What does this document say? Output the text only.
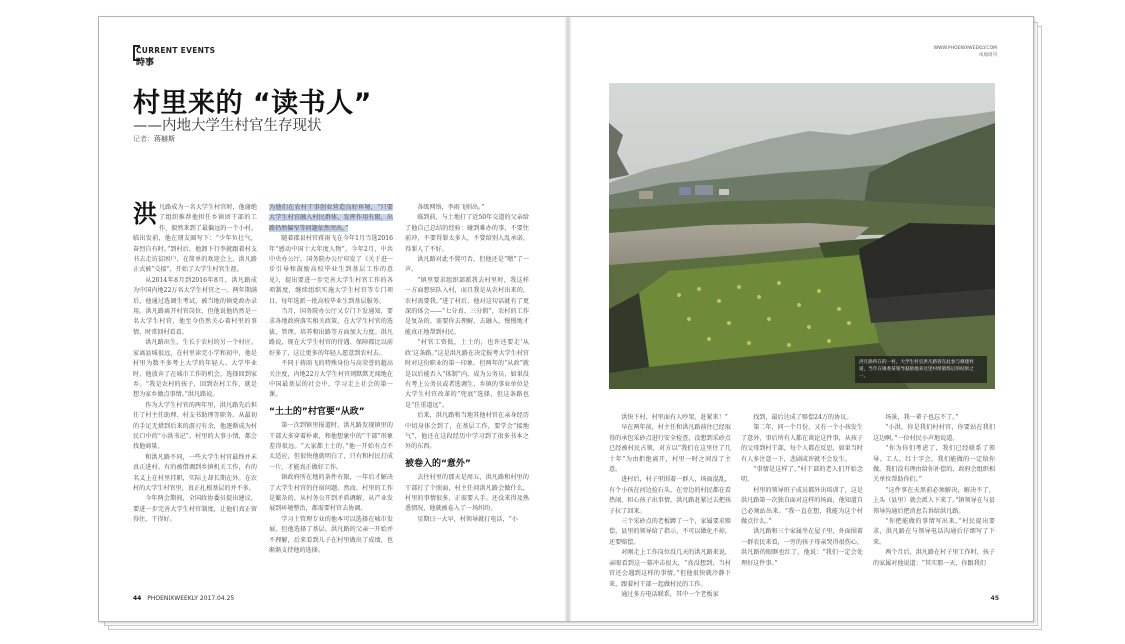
CURRENT EVENTS
時事
村里来的 “读书人”
——内地大学生村官生存现状
记者：蒋赫斯

洪凡路成为一名大学生村官时，他谢绝了组织推荐他担任乡镇团干部的工作，毅然来到了最偏远的一个小村。临出发前，他在朋友圈写下：“少年负壮气，奋烈自有时。”到村后，他卸下行李就跟着村支书去走访贫困户，在简单的欢迎会上，洪凡路正式被“交接”，开始了大学生村官生涯。

从2014年8月到2016年8月，洪凡路成为中国内地22万名大学生村官之一。两年期满后，他通过选调生考试，被当地的镇党政办录用。洪凡路离开村官岗位，但他说他仍然是一名大学生村官，他至今仍然关心着村里的事情，时常回村看看。

洪凡路出生、生长于农村的另一个村庄。家离县城很远，在村里读完小学和初中，他是村里为数不多考上大学的年轻人。大学毕业时，他放弃了在城市工作的机会，选择回到家乡。“我是农村的孩子，回到农村工作，就是想为家乡做点事情。”洪凡路说。

作为大学生村官的两年里，洪凡路先后担任了村主任助理、村支书助理等职务。从最初的手足无措到后来的游刃有余，他逐渐成为村民口中的“小洪书记”。村里的大事小情，都会找他商量。

和洪凡路不同，一些大学生村官最终并未真正进村。有的被借调到乡镇机关工作，有的名义上在村里挂职，实际上却长期在外。在农村的大学生村官里，真正扎根基层的并不多。

今年两会期间，全国政协委员提出建议，要进一步完善大学生村官制度，让他们真正留得住、干得好。

为他们在农村干事创业营造良好环境，“只要大学生村官融入村民群体，发挥作用有限，出路仍然偏窄等问题依然突出。”

随着郡县村官蒋雨飞在今年1月当选2016年“感动中国十大年度人物”，今年2月，中共中央办公厅、国务院办公厅印发了《关于进一步引导和鼓励高校毕业生到基层工作的意见》，提出要进一步完善大学生村官工作的各项制度，继续组织实施大学生村官等专门项目，每年选派一批高校毕业生到基层服务。

当月，国务院办公厅又专门下发通知，要求各地政府落实相关政策，在大学生村官的选拔、管理、培养和出路等方面加大力度。洪凡路说，现在大学生村官的待遇、保障都比以前好多了，这让更多的年轻人愿意到农村去。

不同于蒋雨飞的特殊身份与高荣誉的超高关注度，内地22万大学生村官则默默无闻地在中国最基层的社会中，学习走上社会的第一课。

“土土的”村官要“从政”

第一次到镇里报道时，洪凡路发现镇里的干部大多穿着朴素，和他想象中的“干部”形象差得很远。“大家都土土的，”他一开始有点不太适应，但很快他就明白了，只有和村民打成一片，才能真正做好工作。

镇政府所在地的条件有限，一年后才解决了大学生村官的住宿问题。然而，村里的工作是繁杂的，从村务公开到矛盾调解，从产业发展到环境整治，都需要村官去协调。

学习土管理专业的他本可以选择在城市发展，但他选择了基层。洪凡路的父亲一开始并不理解，后来看到儿子在村里做出了成绩，也渐渐支持他的选择。

各级网络，李雨飞则出。”

临到前，与土地打了近50年交道的父亲给了他自己总结的经验：碰到难办的事，不要往前冲，不要得罪太多人，不要给别人乱承诺，得罪人了不好。

洪凡路对此不置可否，但他还是“嗯”了一声。

“镇里要求组织部派我去村里时，我这样一方面想驻队入村，而且我是从农村出来的，农村需要我。”进了村后，他对这句话就有了更深的体会——“七分真、三分假”，农村的工作是复杂的，需要你去理解、去融入，慢慢地才能真正地帮到村民。

“村官工资低，土土的，也许还要走‘从政’这条路。”这是洪凡路在决定报考大学生村官时对这份职业的第一印象。但两年的“从政”就是以后能否入“体制”内，成为公务员，如果没有考上公务员或者选调生，乡镇的事业单位是大学生村官改革的“兜底”选择，但这条路也是“任重道远”。

后来，洪凡路和当地其他村官在亲身经历中切身体会到了，在基层工作，要学会“接地气”，他还在这段经历中学习到了很多书本之外的东西。

被卷入的“意外”

去往村里的那天是周五，洪凡路和村里的干部打了个照面，村主任问洪凡路会做什么，村里的事情很多，正需要人手。还没来得及熟悉情况，他就被卷入了一场纠纷。

星期日一大早，村领导就打电话，“小

44 PHOENIXWEEKLY 2017.04.25
WWW.PHOENIXWEEKLY.COM
凤凰周刊
洪凡路所在的一村，大学生村官洪凡路曾在此参与修建村道，当年在镇委某领导鼓励他来这里村组锻炼后的结果之一。

洪快下村，村里面有人吵架，赶紧来！”

早在两年前，村主任和洪凡路前往已经取得的承包采砂点进行安全检查，没想到采砂点已经被村民占领，对方以“我们在这里住了几十年”为由拒绝离开，村里一时之间没了主意。

进村后，村子里围着一群人，场面混乱，有个小孩在河边捡石头，在旁边的村民都在看热闹，担心孩子出事情，洪凡路赶紧过去把孩子拉了回来。

三个采砂点的老板蹲了一个，家属要求赔偿，县里的领导给了指示，不可以做化不掉，还要赔偿。

对刚走上工作岗位没几天的洪凡路来说，亲眼看到这一幕冲击很大，“真没想到，当村官还会遇到这样的事情。”但他很快就冷静下来，跟着村干部一起做村民的工作。

通过多方电话联系，其中一个老板家

找到，最后达成了赔偿24万的协议。

第二年，同一个月份，又有一个小孩发生了意外，事后所有人都在谈论这件事，从孩子的父母到村干部，每个人都在反思，如果当时有人多注意一下，悲剧或许就不会发生。

“事情是这样了，”村干部的老人们开始念叨。

村里的领导班子成员都外出培训了，这是洪凡路第一次独自面对这样的场面，他知道自己必须站出来。“我一直在想，我能为这个村做点什么。”

洪凡路和三个家属坐在屋子里，外面围着一群农民来看，一旁的孩子母亲哭得很伤心，洪凡路的眼眶也红了，他说：“我们一定会处理好这件事。”

场景，我一辈子也忘不了。”

“小洪，你是我们村村官，你要站在我们这边啊。”一位村民小声地说道。

“你为你们考虑了，我们已经联系了领导、工人、红十字会，我们能做的一定给你做。我们没有理由给你补偿的，政府会组织相关单位帮助你们。”

“这件事在天黑前必须解决，解决不了，上头（县里）就会派人下来了。”镇领导在与县领导沟通后把消息告诉给洪凡路。

“你把能做的事情写出来，”村民提出要求，洪凡路在与领导电话沟通后仔细写了下来。

两个月后，洪凡路在村子里工作时，孩子的家属对他说道：“其实那一天，你跟我们

45
